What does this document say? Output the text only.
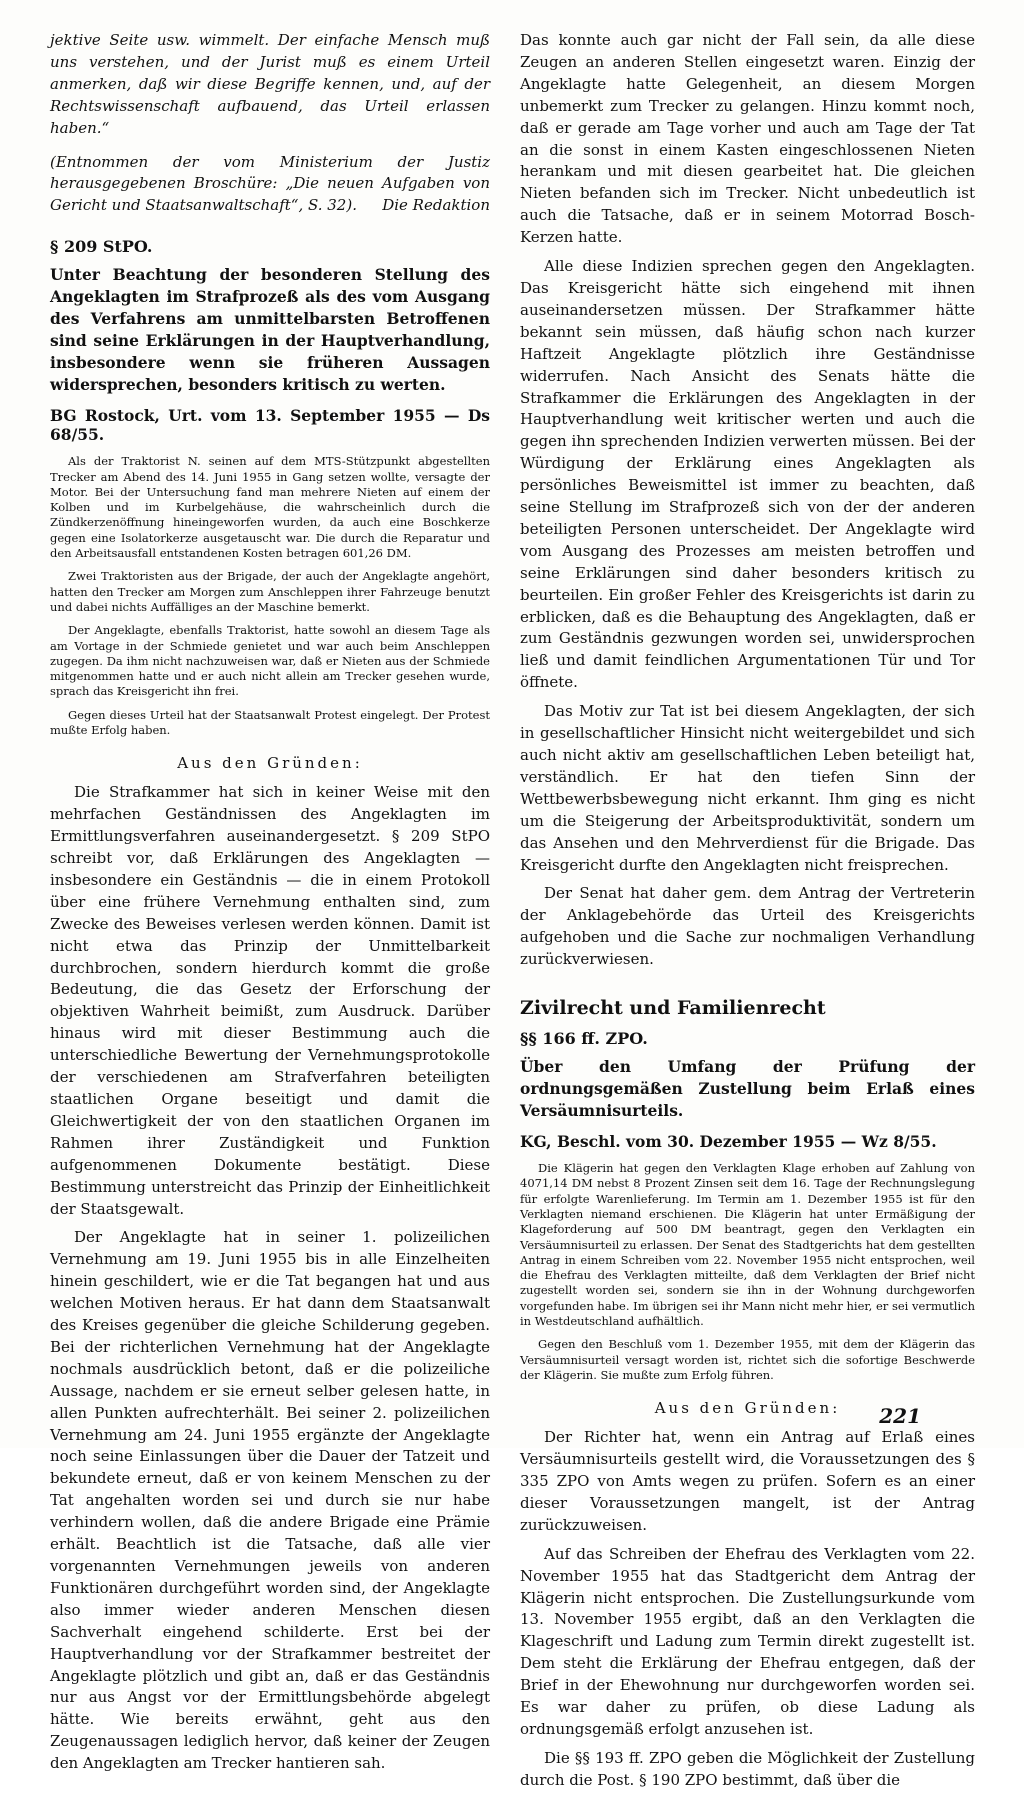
jektive Seite usw. wimmelt. Der einfache Mensch muß uns verstehen, und der Jurist muß es einem Urteil anmerken, daß wir diese Begriffe kennen, und, auf der Rechtswissenschaft aufbauend, das Urteil erlassen haben.“

(Entnommen der vom Ministerium der Justiz herausgegebenen Broschüre: „Die neuen Aufgaben von Gericht und Staatsanwaltschaft“, S. 32). Die Redaktion

§ 209 StPO.

Unter Beachtung der besonderen Stellung des Angeklagten im Strafprozeß als des vom Ausgang des Verfahrens am unmittelbarsten Betroffenen sind seine Erklärungen in der Hauptverhandlung, insbesondere wenn sie früheren Aussagen widersprechen, besonders kritisch zu werten.

BG Rostock, Urt. vom 13. September 1955 — Ds 68/55.

Als der Traktorist N. seinen auf dem MTS-Stützpunkt abgestellten Trecker am Abend des 14. Juni 1955 in Gang setzen wollte, versagte der Motor. Bei der Untersuchung fand man mehrere Nieten auf einem der Kolben und im Kurbelgehäuse, die wahrscheinlich durch die Zündkerzenöffnung hineingeworfen wurden, da auch eine Boschkerze gegen eine Isolatorkerze ausgetauscht war. Die durch die Reparatur und den Arbeitsausfall entstandenen Kosten betragen 601,26 DM.

Zwei Traktoristen aus der Brigade, der auch der Angeklagte angehört, hatten den Trecker am Morgen zum Anschleppen ihrer Fahrzeuge benutzt und dabei nichts Auffälliges an der Maschine bemerkt.

Der Angeklagte, ebenfalls Traktorist, hatte sowohl an diesem Tage als am Vortage in der Schmiede genietet und war auch beim Anschleppen zugegen. Da ihm nicht nachzuweisen war, daß er Nieten aus der Schmiede mitgenommen hatte und er auch nicht allein am Trecker gesehen wurde, sprach das Kreisgericht ihn frei.

Gegen dieses Urteil hat der Staatsanwalt Protest eingelegt. Der Protest mußte Erfolg haben.

Aus den Gründen:

Die Strafkammer hat sich in keiner Weise mit den mehrfachen Geständnissen des Angeklagten im Ermittlungsverfahren auseinandergesetzt. § 209 StPO schreibt vor, daß Erklärungen des Angeklagten — insbesondere ein Geständnis — die in einem Protokoll über eine frühere Vernehmung enthalten sind, zum Zwecke des Beweises verlesen werden können. Damit ist nicht etwa das Prinzip der Unmittelbarkeit durchbrochen, sondern hierdurch kommt die große Bedeutung, die das Gesetz der Erforschung der objektiven Wahrheit beimißt, zum Ausdruck. Darüber hinaus wird mit dieser Bestimmung auch die unterschiedliche Bewertung der Vernehmungsprotokolle der verschiedenen am Strafverfahren beteiligten staatlichen Organe beseitigt und damit die Gleichwertigkeit der von den staatlichen Organen im Rahmen ihrer Zuständigkeit und Funktion aufgenommenen Dokumente bestätigt. Diese Bestimmung unterstreicht das Prinzip der Einheitlichkeit der Staatsgewalt.

Der Angeklagte hat in seiner 1. polizeilichen Vernehmung am 19. Juni 1955 bis in alle Einzelheiten hinein geschildert, wie er die Tat begangen hat und aus welchen Motiven heraus. Er hat dann dem Staatsanwalt des Kreises gegenüber die gleiche Schilderung gegeben. Bei der richterlichen Vernehmung hat der Angeklagte nochmals ausdrücklich betont, daß er die polizeiliche Aussage, nachdem er sie erneut selber gelesen hatte, in allen Punkten aufrechterhält. Bei seiner 2. polizeilichen Vernehmung am 24. Juni 1955 ergänzte der Angeklagte noch seine Einlassungen über die Dauer der Tatzeit und bekundete erneut, daß er von keinem Menschen zu der Tat angehalten worden sei und durch sie nur habe verhindern wollen, daß die andere Brigade eine Prämie erhält. Beachtlich ist die Tatsache, daß alle vier vorgenannten Vernehmungen jeweils von anderen Funktionären durchgeführt worden sind, der Angeklagte also immer wieder anderen Menschen diesen Sachverhalt eingehend schilderte. Erst bei der Hauptverhandlung vor der Strafkammer bestreitet der Angeklagte plötzlich und gibt an, daß er das Geständnis nur aus Angst vor der Ermittlungsbehörde abgelegt hätte. Wie bereits erwähnt, geht aus den Zeugenaussagen lediglich hervor, daß keiner der Zeugen den Angeklagten am Trecker hantieren sah.

Das konnte auch gar nicht der Fall sein, da alle diese Zeugen an anderen Stellen eingesetzt waren. Einzig der Angeklagte hatte Gelegenheit, an diesem Morgen unbemerkt zum Trecker zu gelangen. Hinzu kommt noch, daß er gerade am Tage vorher und auch am Tage der Tat an die sonst in einem Kasten eingeschlossenen Nieten herankam und mit diesen gearbeitet hat. Die gleichen Nieten befanden sich im Trecker. Nicht unbedeutlich ist auch die Tatsache, daß er in seinem Motorrad Bosch-Kerzen hatte.

Alle diese Indizien sprechen gegen den Angeklagten. Das Kreisgericht hätte sich eingehend mit ihnen auseinandersetzen müssen. Der Strafkammer hätte bekannt sein müssen, daß häufig schon nach kurzer Haftzeit Angeklagte plötzlich ihre Geständnisse widerrufen. Nach Ansicht des Senats hätte die Strafkammer die Erklärungen des Angeklagten in der Hauptverhandlung weit kritischer werten und auch die gegen ihn sprechenden Indizien verwerten müssen. Bei der Würdigung der Erklärung eines Angeklagten als persönliches Beweismittel ist immer zu beachten, daß seine Stellung im Strafprozeß sich von der der anderen beteiligten Personen unterscheidet. Der Angeklagte wird vom Ausgang des Prozesses am meisten betroffen und seine Erklärungen sind daher besonders kritisch zu beurteilen. Ein großer Fehler des Kreisgerichts ist darin zu erblicken, daß es die Behauptung des Angeklagten, daß er zum Geständnis gezwungen worden sei, unwidersprochen ließ und damit feindlichen Argumentationen Tür und Tor öffnete.

Das Motiv zur Tat ist bei diesem Angeklagten, der sich in gesellschaftlicher Hinsicht nicht weitergebildet und sich auch nicht aktiv am gesellschaftlichen Leben beteiligt hat, verständlich. Er hat den tiefen Sinn der Wettbewerbsbewegung nicht erkannt. Ihm ging es nicht um die Steigerung der Arbeitsproduktivität, sondern um das Ansehen und den Mehrverdienst für die Brigade. Das Kreisgericht durfte den Angeklagten nicht freisprechen.

Der Senat hat daher gem. dem Antrag der Vertreterin der Anklagebehörde das Urteil des Kreisgerichts aufgehoben und die Sache zur nochmaligen Verhandlung zurückverwiesen.

Zivilrecht und Familienrecht

§§ 166 ff. ZPO.

Über den Umfang der Prüfung der ordnungsgemäßen Zustellung beim Erlaß eines Versäumnisurteils.

KG, Beschl. vom 30. Dezember 1955 — Wz 8/55.

Die Klägerin hat gegen den Verklagten Klage erhoben auf Zahlung von 4071,14 DM nebst 8 Prozent Zinsen seit dem 16. Tage der Rechnungslegung für erfolgte Warenlieferung. Im Termin am 1. Dezember 1955 ist für den Verklagten niemand erschienen. Die Klägerin hat unter Ermäßigung der Klageforderung auf 500 DM beantragt, gegen den Verklagten ein Versäumnisurteil zu erlassen. Der Senat des Stadtgerichts hat dem gestellten Antrag in einem Schreiben vom 22. November 1955 nicht entsprochen, weil die Ehefrau des Verklagten mitteilte, daß dem Verklagten der Brief nicht zugestellt worden sei, sondern sie ihn in der Wohnung durchgeworfen vorgefunden habe. Im übrigen sei ihr Mann nicht mehr hier, er sei vermutlich in Westdeutschland aufhältlich.

Gegen den Beschluß vom 1. Dezember 1955, mit dem der Klägerin das Versäumnisurteil versagt worden ist, richtet sich die sofortige Beschwerde der Klägerin. Sie mußte zum Erfolg führen.

Aus den Gründen:

Der Richter hat, wenn ein Antrag auf Erlaß eines Versäumnisurteils gestellt wird, die Voraussetzungen des § 335 ZPO von Amts wegen zu prüfen. Sofern es an einer dieser Voraussetzungen mangelt, ist der Antrag zurückzuweisen.

Auf das Schreiben der Ehefrau des Verklagten vom 22. November 1955 hat das Stadtgericht dem Antrag der Klägerin nicht entsprochen. Die Zustellungsurkunde vom 13. November 1955 ergibt, daß an den Verklagten die Klageschrift und Ladung zum Termin direkt zugestellt ist. Dem steht die Erklärung der Ehefrau entgegen, daß der Brief in der Ehewohnung nur durchgeworfen worden sei. Es war daher zu prüfen, ob diese Ladung als ordnungsgemäß erfolgt anzusehen ist.

Die §§ 193 ff. ZPO geben die Möglichkeit der Zustellung durch die Post. § 190 ZPO bestimmt, daß über die

221
